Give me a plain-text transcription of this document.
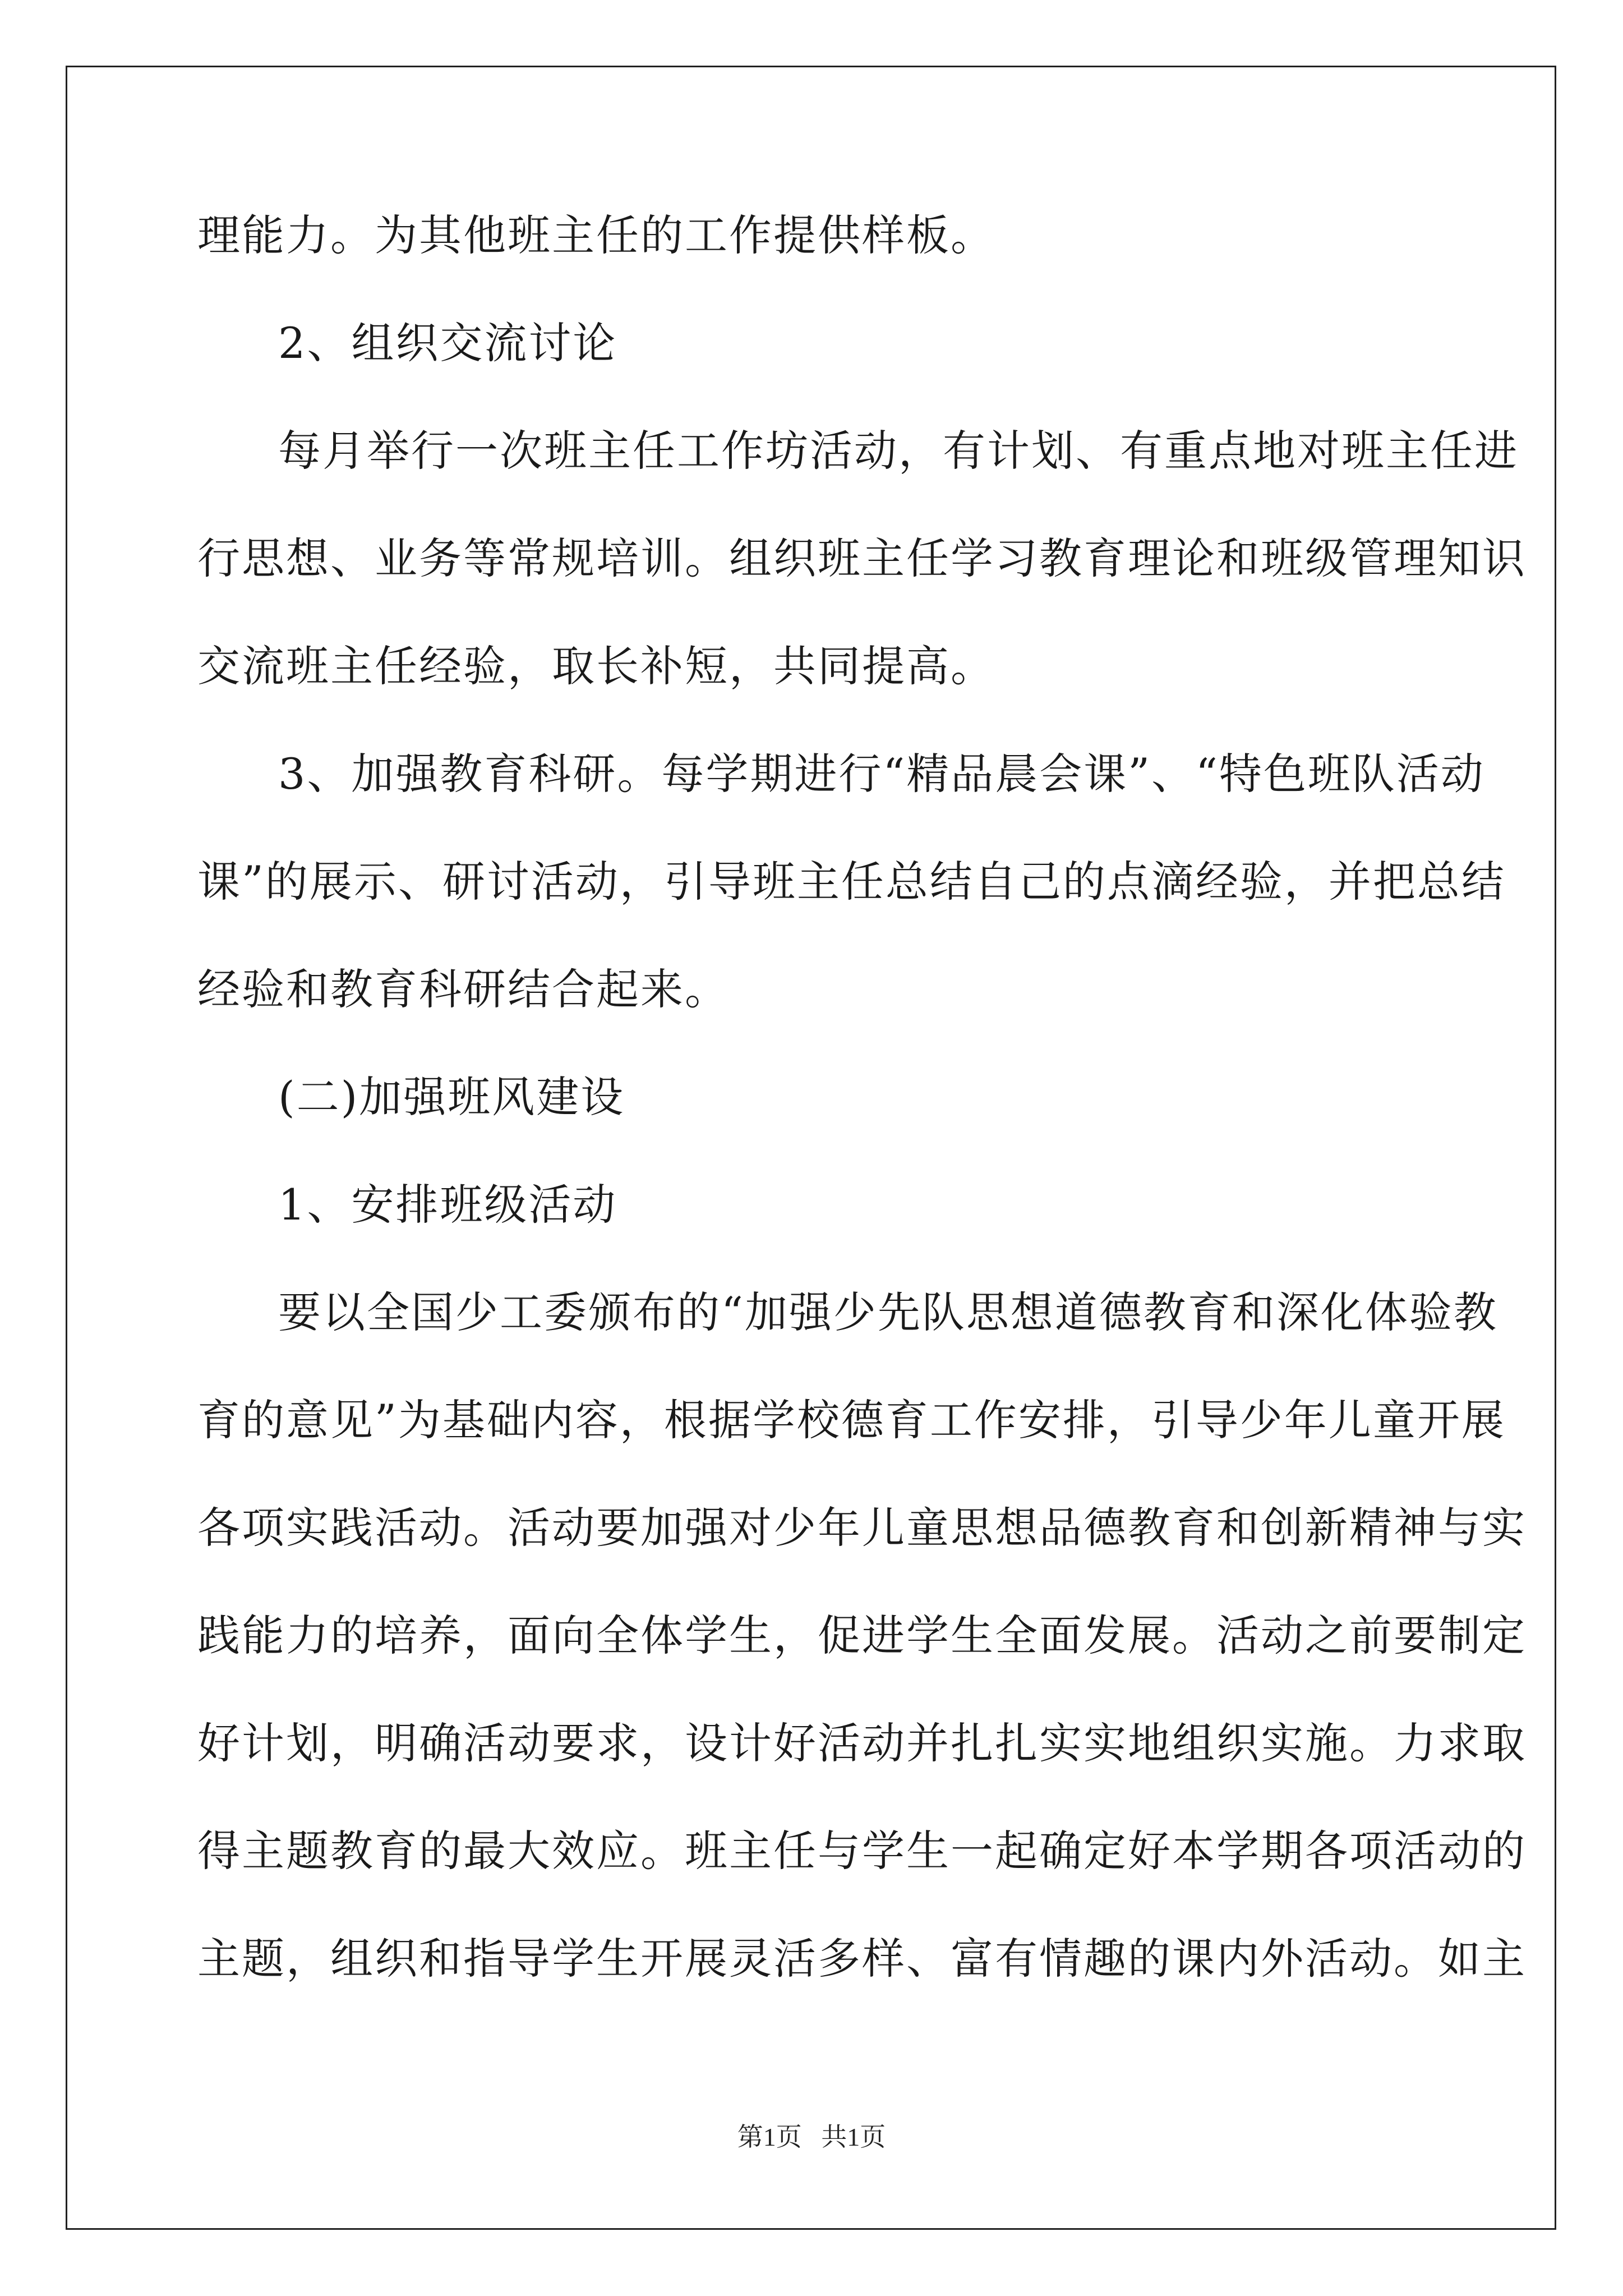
理能力。为其他班主任的工作提供样板。
2、组织交流讨论
每月举行一次班主任工作坊活动，有计划、有重点地对班主任进
行思想、业务等常规培训。组织班主任学习教育理论和班级管理知识
交流班主任经验，取长补短，共同提高。
3、加强教育科研。每学期进行“精品晨会课”、“特色班队活动
课”的展示、研讨活动，引导班主任总结自己的点滴经验，并把总结
经验和教育科研结合起来。
(二)加强班风建设
1、安排班级活动
要以全国少工委颁布的“加强少先队思想道德教育和深化体验教
育的意见”为基础内容，根据学校德育工作安排，引导少年儿童开展
各项实践活动。活动要加强对少年儿童思想品德教育和创新精神与实
践能力的培养，面向全体学生，促进学生全面发展。活动之前要制定
好计划，明确活动要求，设计好活动并扎扎实实地组织实施。力求取
得主题教育的最大效应。班主任与学生一起确定好本学期各项活动的
主题，组织和指导学生开展灵活多样、富有情趣的课内外活动。如主
第1页   共1页
